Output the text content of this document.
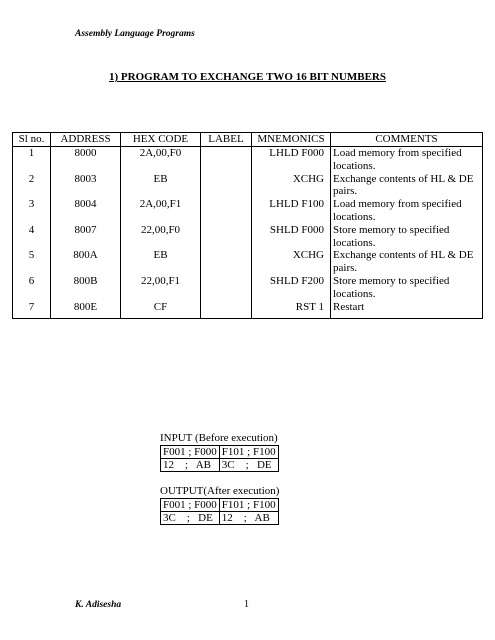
Assembly Language Programs
1) PROGRAM TO EXCHANGE TWO 16 BIT NUMBERS
Sl no.	ADDRESS	HEX CODE	LABEL	MNEMONICS	COMMENTS
1	8000	2A,00,F0		LHLD F000	Load memory from specified locations.
2	8003	EB		XCHG	Exchange contents of HL & DE pairs.
3	8004	2A,00,F1		LHLD F100	Load memory from specified locations.
4	8007	22,00,F0		SHLD F000	Store memory to specified locations.
5	800A	EB		XCHG	Exchange contents of HL & DE pairs.
6	800B	22,00,F1		SHLD F200	Store memory to specified locations.
7	800E	CF		RST 1	Restart
INPUT (Before execution)
F001 ; F000	F101 ; F100
12    ;   AB	3C    ;   DE
OUTPUT(After execution)
F001 ; F000	F101 ; F100
3C    ;   DE	12    ;   AB
K. Adisesha	1
